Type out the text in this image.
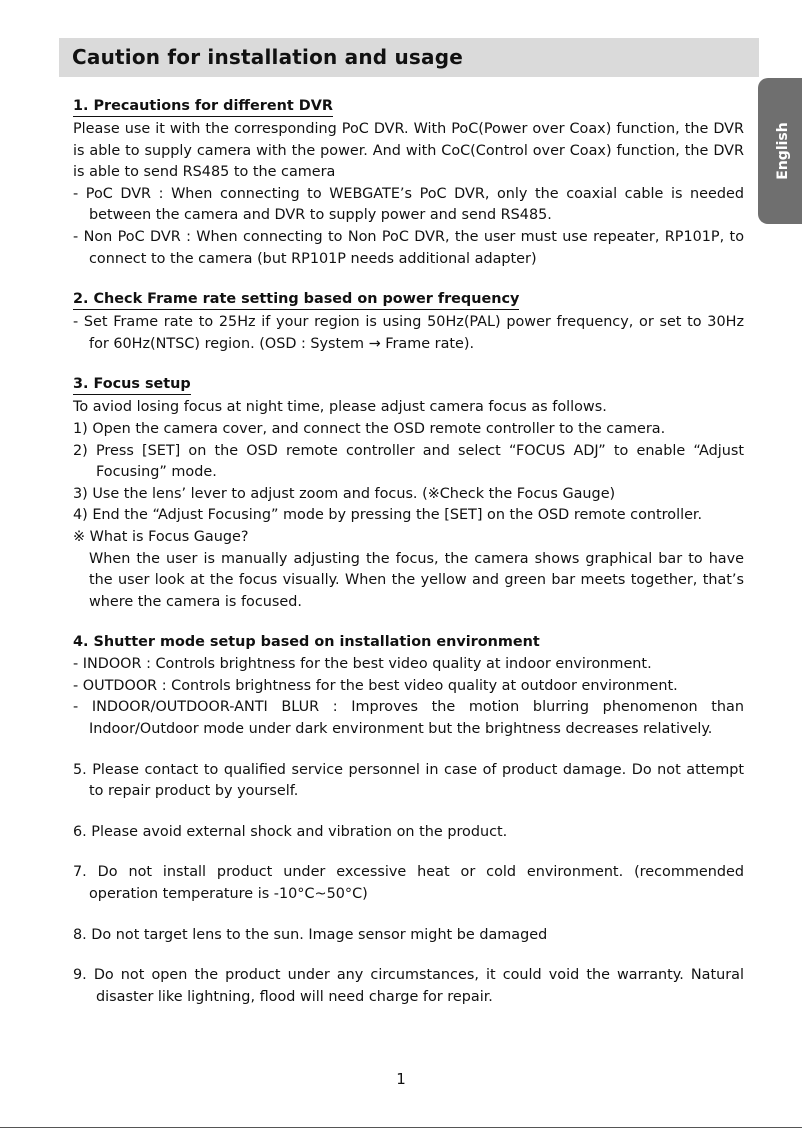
Caution for installation and usage
English
1. Precautions for different DVR

Please use it with the corresponding PoC DVR. With PoC(Power over Coax) function, the DVR is able to supply camera with the power. And with CoC(Control over Coax) function, the DVR is able to send RS485 to the camera

- PoC DVR : When connecting to WEBGATE’s PoC DVR, only the coaxial cable is needed between the camera and DVR to supply power and send RS485.

- Non PoC DVR : When connecting to Non PoC DVR, the user must use repeater, RP101P, to connect to the camera (but RP101P needs additional adapter)

2. Check Frame rate setting based on power frequency

- Set Frame rate to 25Hz if your region is using 50Hz(PAL) power frequency, or set to 30Hz for 60Hz(NTSC) region. (OSD : System → Frame rate).

3. Focus setup

To aviod losing focus at night time, please adjust camera focus as follows.

1) Open the camera cover, and connect the OSD remote controller to the camera.

2) Press [SET] on the OSD remote controller and select “FOCUS ADJ” to enable “Adjust Focusing” mode.

3) Use the lens’ lever to adjust zoom and focus. (※Check the Focus Gauge)

4) End the “Adjust Focusing” mode by pressing the [SET] on the OSD remote controller.

※ What is Focus Gauge?

When the user is manually adjusting the focus, the camera shows graphical bar to have the user look at the focus visually. When the yellow and green bar meets together, that’s where the camera is focused.

4. Shutter mode setup based on installation environment

- INDOOR : Controls brightness for the best video quality at indoor environment.

- OUTDOOR : Controls brightness for the best video quality at outdoor environment.

- INDOOR/OUTDOOR-ANTI BLUR : Improves the motion blurring phenomenon than Indoor/Outdoor mode under dark environment but the brightness decreases relatively.

5. Please contact to qualified service personnel in case of product damage. Do not attempt to repair product by yourself.

6. Please avoid external shock and vibration on the product.

7. Do not install product under excessive heat or cold environment. (recommended operation temperature is -10°C~50°C)

8. Do not target lens to the sun. Image sensor might be damaged

9. Do not open the product under any circumstances, it could void the warranty. Natural disaster like lightning, flood will need charge for repair.

1
